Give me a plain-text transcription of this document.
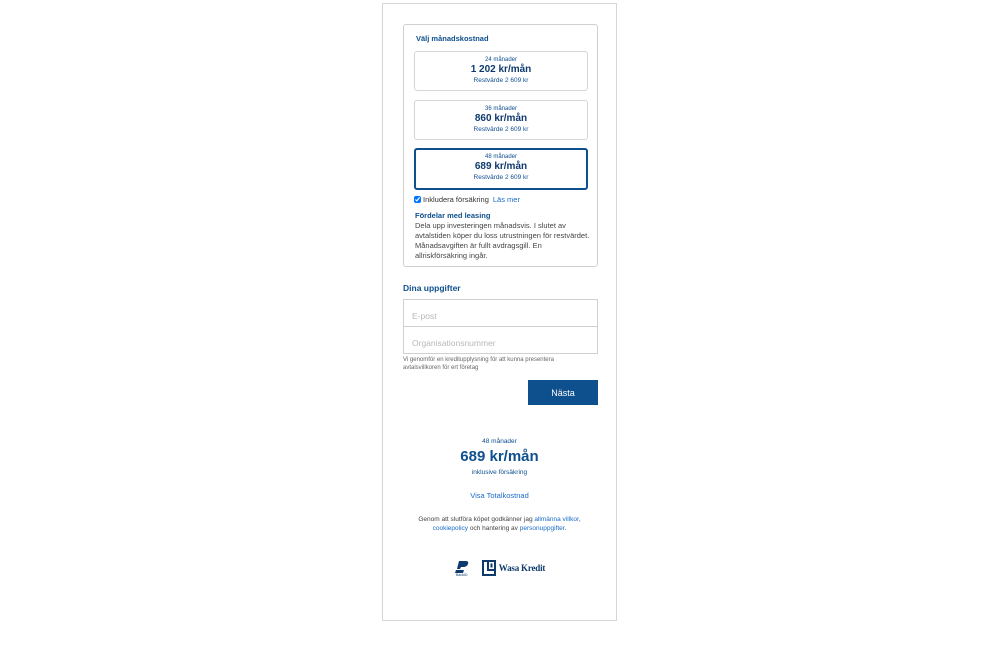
Välj månadskostnad
24 månader
1 202 kr/mån
Restvärde 2 609 kr
36 månader
860 kr/mån
Restvärde 2 609 kr
48 månader
689 kr/mån
Restvärde 2 609 kr
Inkludera försäkring Läs mer
Fördelar med leasing
Dela upp investeringen månadsvis. I slutet av avtalstiden köper du loss utrustningen för restvärdet. Månadsavgiften är fullt avdragsgill. En allriskförsäkring ingår.
Dina uppgifter
E-post
Organisationsnummer
Vi genomför en kreditupplysning för att kunna presentera avtalsvillkoren för ert företag
Nästa
48 månader
689 kr/mån
inklusive försäkring
Visa Totalkostnad
Genom att slutföra köpet godkänner jag allmänna villkor, cookiepolicy och hantering av personuppgifter.
BankID
Wasa Kredit
